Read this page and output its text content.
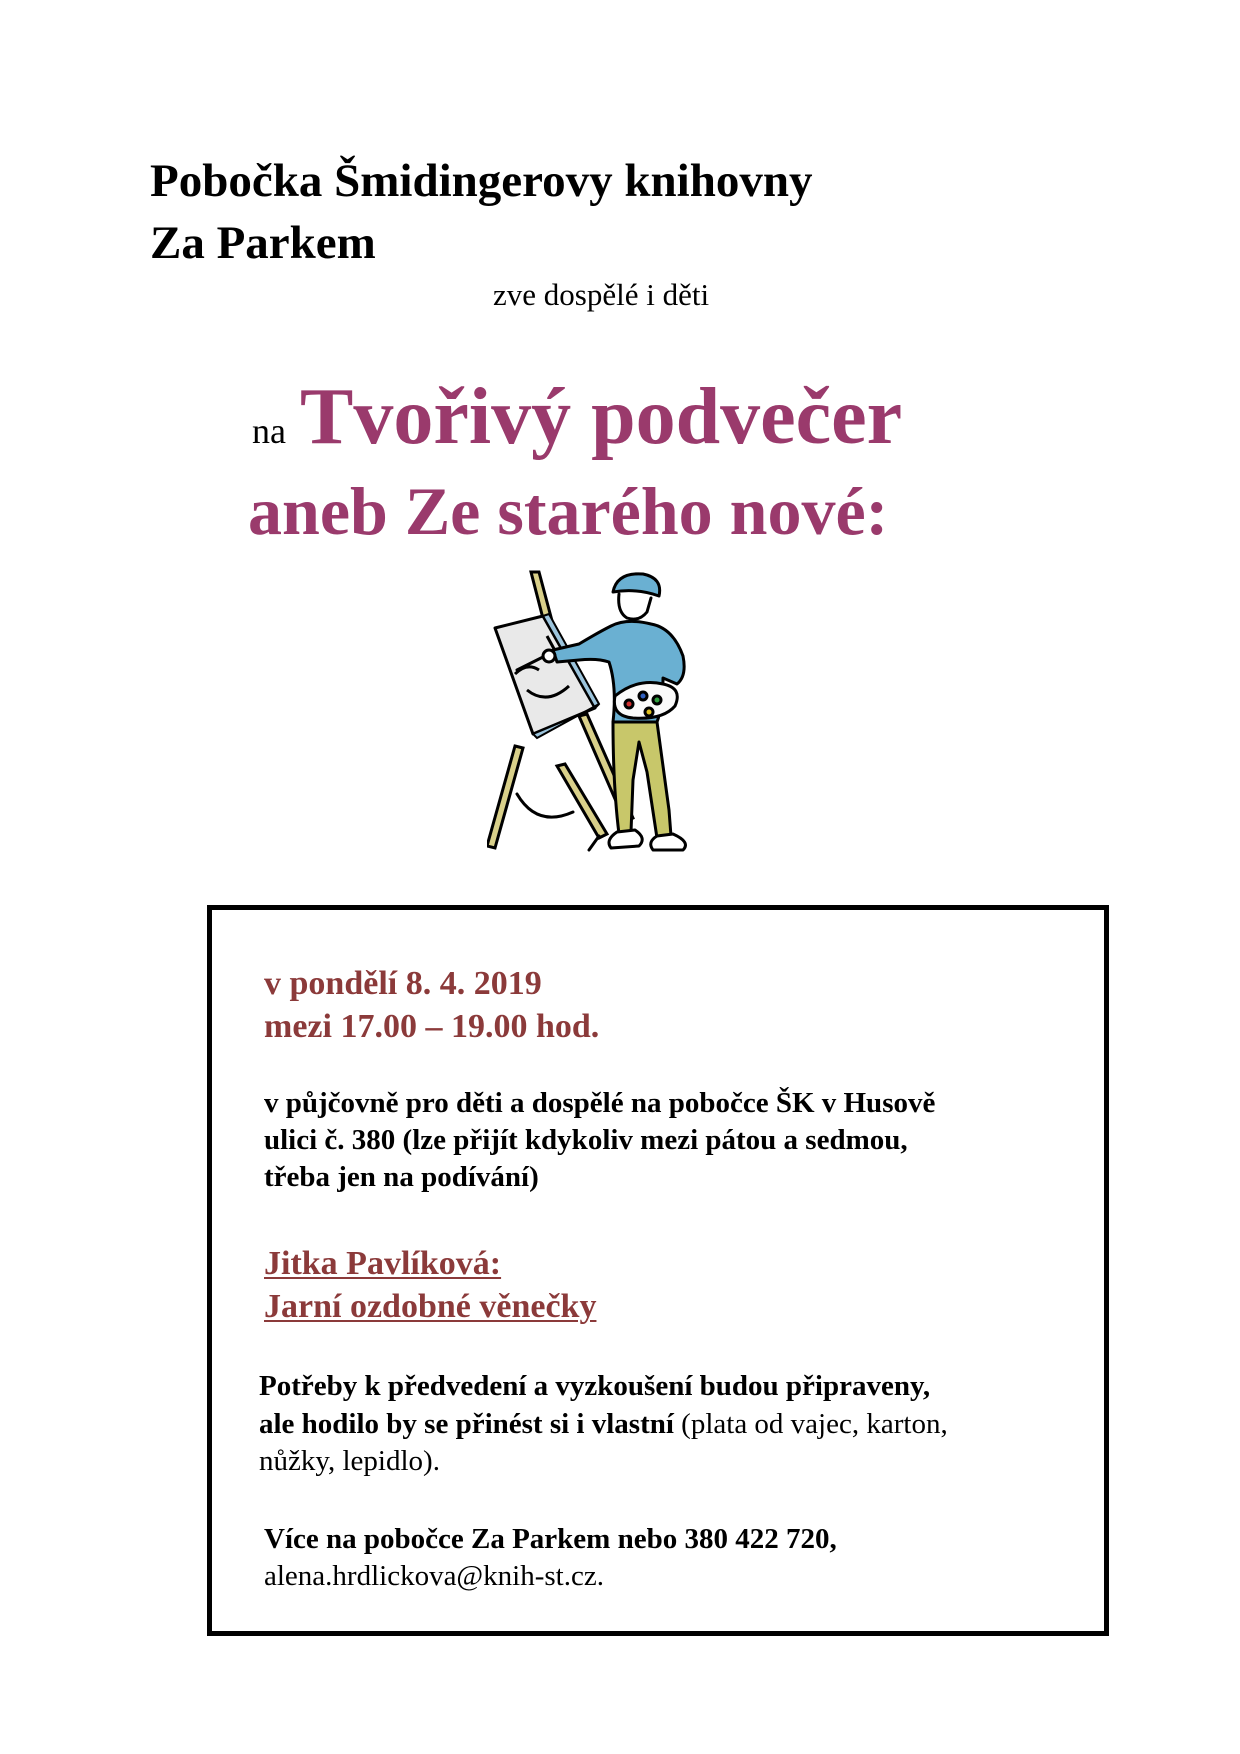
Pobočka Šmidingerovy knihovny
Za Parkem
zve dospělé i děti
na Tvořivý podvečer
aneb Ze starého nové:
v pondělí 8. 4. 2019
mezi 17.00 – 19.00 hod.
v půjčovně pro děti a dospělé na pobočce ŠK v Husově
ulici č. 380 (lze přijít kdykoliv mezi pátou a sedmou,
třeba jen na podívání)
Jitka Pavlíková:
Jarní ozdobné věnečky
Potřeby k předvedení a vyzkoušení budou připraveny,
ale hodilo by se přinést si i vlastní (plata od vajec, karton,
nůžky, lepidlo).
Více na pobočce Za Parkem nebo 380 422 720,
alena.hrdlickova@knih-st.cz.
